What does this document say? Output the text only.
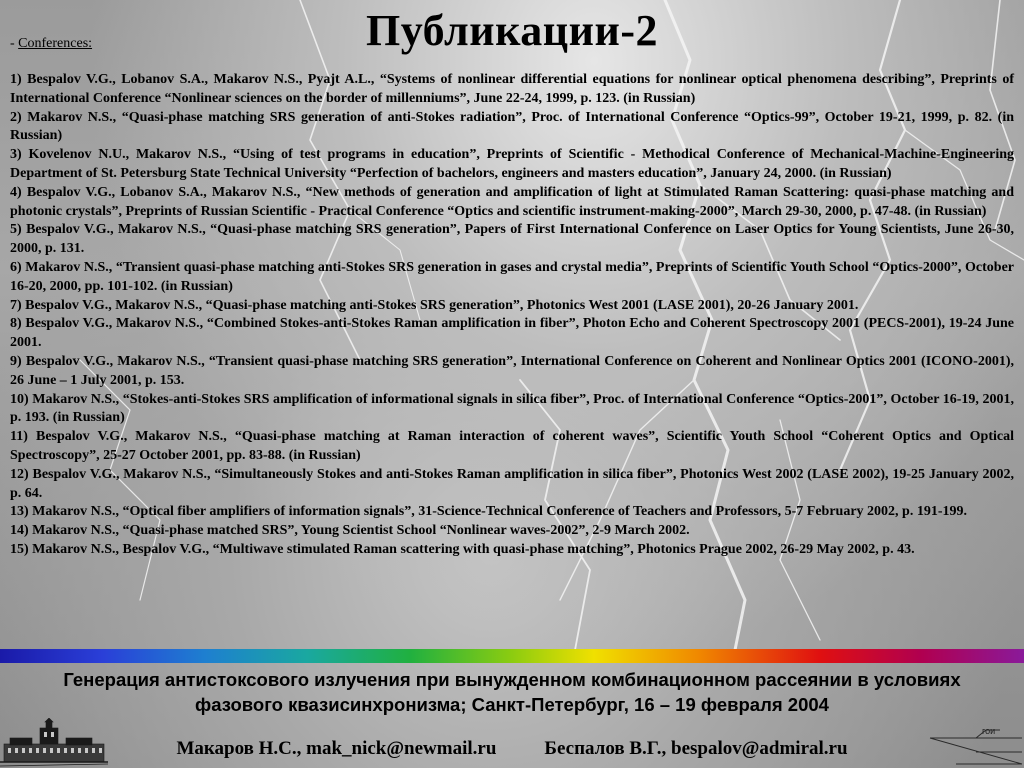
Публикации-2
- Conferences:

1) Bespalov V.G., Lobanov S.A., Makarov N.S., Pyajt A.L., “Systems of nonlinear differential equations for nonlinear optical phenomena describing”, Preprints of International Conference “Nonlinear sciences on the border of millenniums”, June 22-24, 1999, p. 123. (in Russian)

2) Makarov N.S., “Quasi-phase matching SRS generation of anti-Stokes radiation”, Proc. of International Conference “Optics-99”, October 19-21, 1999, p. 82. (in Russian)

3) Kovelenov N.U., Makarov N.S., “Using of test programs in education”, Preprints of Scientific - Methodical Conference of Mechanical-Machine-Engineering Department of St. Petersburg State Technical University “Perfection of bachelors, engineers and masters education”, January 24, 2000. (in Russian)

4) Bespalov V.G., Lobanov S.A., Makarov N.S., “New methods of generation and amplification of light at Stimulated Raman Scattering: quasi-phase matching and photonic crystals”, Preprints of Russian Scientific - Practical Conference “Optics and scientific instrument-making-2000”, March 29-30, 2000, p. 47-48. (in Russian)

5) Bespalov V.G., Makarov N.S., “Quasi-phase matching SRS generation”, Papers of First International Conference on Laser Optics for Young Scientists, June 26-30, 2000, p. 131.

6) Makarov N.S., “Transient quasi-phase matching anti-Stokes SRS generation in gases and crystal media”, Preprints of Scientific Youth School “Optics-2000”, October 16-20, 2000, pp. 101-102. (in Russian)

7) Bespalov V.G., Makarov N.S., “Quasi-phase matching anti-Stokes SRS generation”, Photonics West 2001 (LASE 2001), 20-26 January 2001.

8) Bespalov V.G., Makarov N.S., “Combined Stokes-anti-Stokes Raman amplification in fiber”, Photon Echo and Coherent Spectroscopy 2001 (PECS-2001), 19-24 June 2001.

9) Bespalov V.G., Makarov N.S., “Transient quasi-phase matching SRS generation”, International Conference on Coherent and Nonlinear Optics 2001 (ICONO-2001), 26 June – 1 July 2001, p. 153.

10) Makarov N.S., “Stokes-anti-Stokes SRS amplification of informational signals in silica fiber”, Proc. of International Conference “Optics-2001”, October 16-19, 2001, p. 193. (in Russian)

11) Bespalov V.G., Makarov N.S., “Quasi-phase matching at Raman interaction of coherent waves”, Scientific Youth School “Coherent Optics and Optical Spectroscopy”, 25-27 October 2001, pp. 83-88. (in Russian)

12) Bespalov V.G., Makarov N.S., “Simultaneously Stokes and anti-Stokes Raman amplification in silica fiber”, Photonics West 2002 (LASE 2002), 19-25 January 2002, p. 64.

13) Makarov N.S., “Optical fiber amplifiers of information signals”, 31-Science-Technical Conference of Teachers and Professors, 5-7 February 2002, p. 191-199.

14) Makarov N.S., “Quasi-phase matched SRS”, Young Scientist School “Nonlinear waves-2002”, 2-9 March 2002.

15) Makarov N.S., Bespalov V.G., “Multiwave stimulated Raman scattering with quasi-phase matching”, Photonics Prague 2002, 26-29 May 2002, p. 43.

Генерация антистоксового излучения при вынужденном комбинационном рассеянии в условиях
фазового квазисинхронизма; Санкт-Петербург, 16 – 19 февраля 2004
Макаров Н.С., mak_nick@newmail.ru	Беспалов В.Г., bespalov@admiral.ru
гои
